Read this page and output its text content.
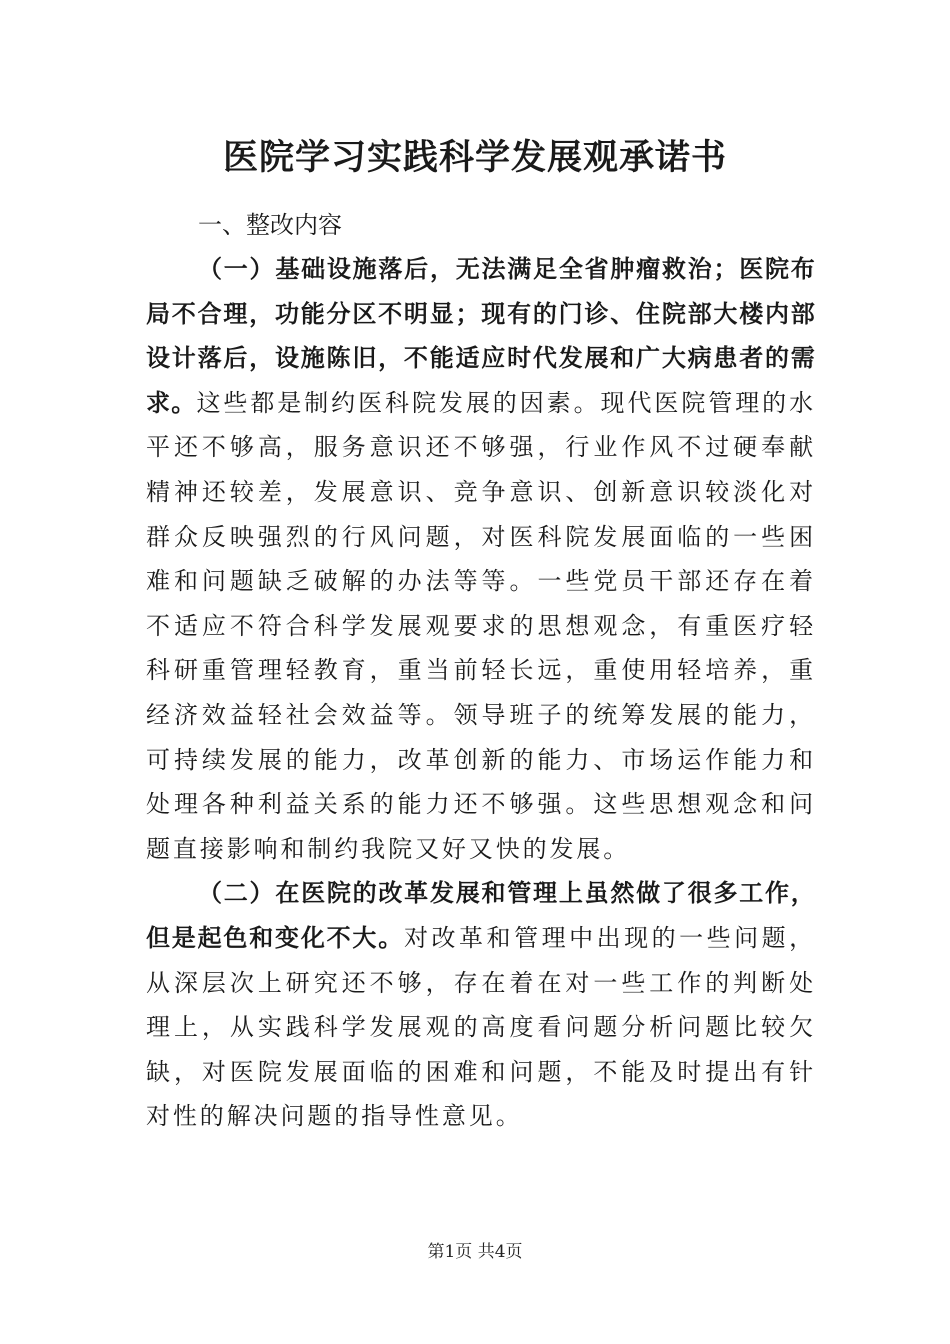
医院学习实践科学发展观承诺书
一、整改内容

（一）基础设施落后，无法满足全省肿瘤救治；医院布局不合理，功能分区不明显；现有的门诊、住院部大楼内部设计落后，设施陈旧，不能适应时代发展和广大病患者的需求。这些都是制约医科院发展的因素。现代医院管理的水平还不够高，服务意识还不够强，行业作风不过硬奉献精神还较差，发展意识、竞争意识、创新意识较淡化对群众反映强烈的行风问题，对医科院发展面临的一些困难和问题缺乏破解的办法等等。一些党员干部还存在着不适应不符合科学发展观要求的思想观念，有重医疗轻科研重管理轻教育，重当前轻长远，重使用轻培养，重经济效益轻社会效益等。领导班子的统筹发展的能力，可持续发展的能力，改革创新的能力、市场运作能力和处理各种利益关系的能力还不够强。这些思想观念和问题直接影响和制约我院又好又快的发展。

（二）在医院的改革发展和管理上虽然做了很多工作，但是起色和变化不大。对改革和管理中出现的一些问题，从深层次上研究还不够，存在着在对一些工作的判断处理上，从实践科学发展观的高度看问题分析问题比较欠缺，对医院发展面临的困难和问题，不能及时提出有针对性的解决问题的指导性意见。

第1页 共4页
